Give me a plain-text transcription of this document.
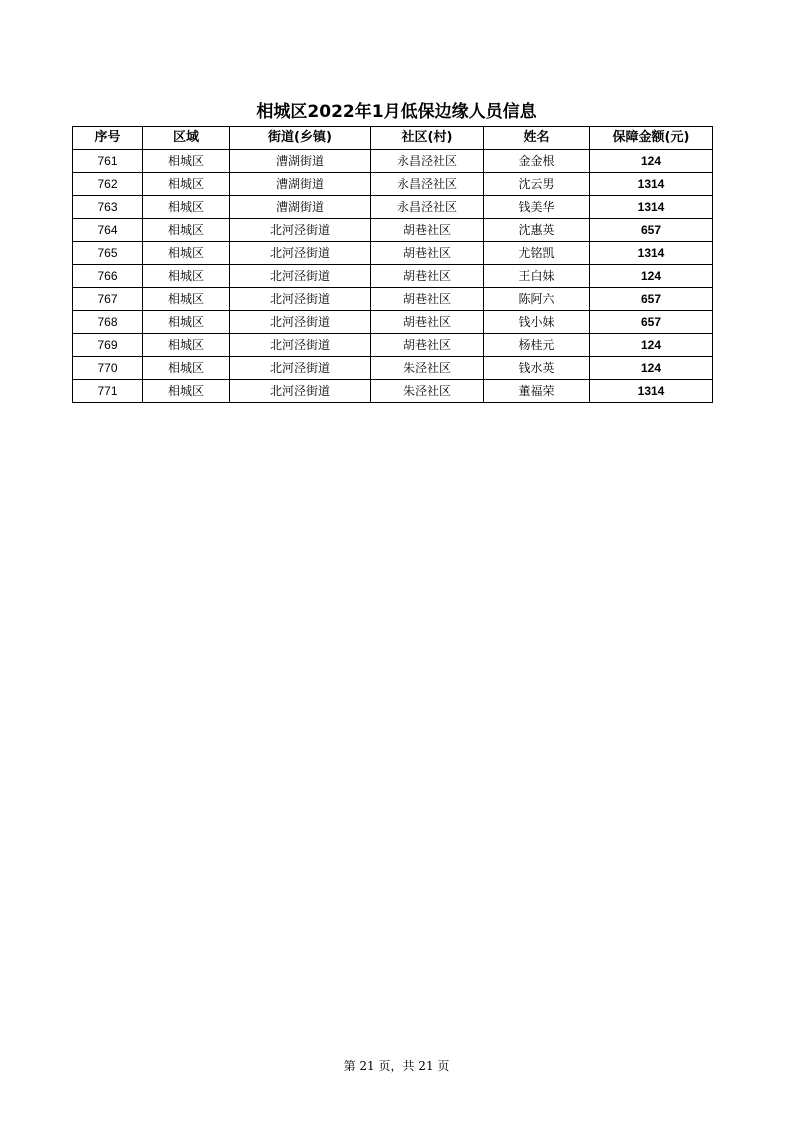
相城区2022年1月低保边缘人员信息
序号	区域	街道(乡镇)	社区(村)	姓名	保障金额(元)
761	相城区	漕湖街道	永昌泾社区	金金根	124
762	相城区	漕湖街道	永昌泾社区	沈云男	1314
763	相城区	漕湖街道	永昌泾社区	钱美华	1314
764	相城区	北河泾街道	胡巷社区	沈惠英	657
765	相城区	北河泾街道	胡巷社区	尤铭凯	1314
766	相城区	北河泾街道	胡巷社区	王白妹	124
767	相城区	北河泾街道	胡巷社区	陈阿六	657
768	相城区	北河泾街道	胡巷社区	钱小妹	657
769	相城区	北河泾街道	胡巷社区	杨桂元	124
770	相城区	北河泾街道	朱泾社区	钱水英	124
771	相城区	北河泾街道	朱泾社区	董福荣	1314
第 21 页，共 21 页
